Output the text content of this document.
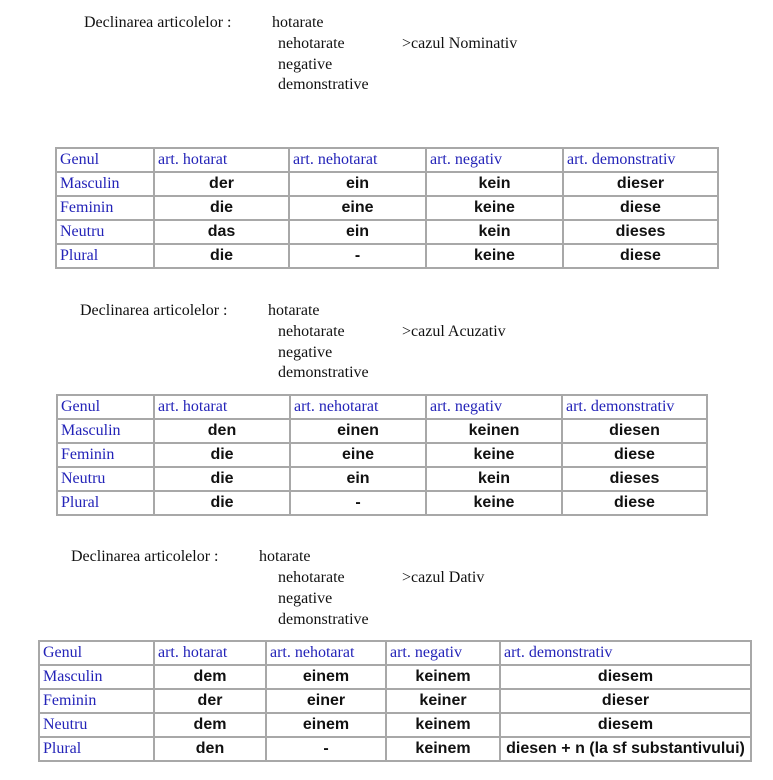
Declinarea articolelor :	hotarate
nehotarate
negative
demonstrative
>cazul Nominativ
Genul	art. hotarat	art. nehotarat	art. negativ	art. demonstrativ
Masculin	der	ein	kein	dieser
Feminin	die	eine	keine	diese
Neutru	das	ein	kein	dieses
Plural	die	-	keine	diese
Declinarea articolelor :	hotarate
nehotarate
negative
demonstrative
>cazul Acuzativ
Genul	art. hotarat	art. nehotarat	art. negativ	art. demonstrativ
Masculin	den	einen	keinen	diesen
Feminin	die	eine	keine	diese
Neutru	die	ein	kein	dieses
Plural	die	-	keine	diese
Declinarea articolelor :	hotarate
nehotarate
negative
demonstrative
>cazul Dativ
Genul	art. hotarat	art. nehotarat	art. negativ	art. demonstrativ
Masculin	dem	einem	keinem	diesem
Feminin	der	einer	keiner	dieser
Neutru	dem	einem	keinem	diesem
Plural	den	-	keinem	diesen + n (la sf substantivului)
